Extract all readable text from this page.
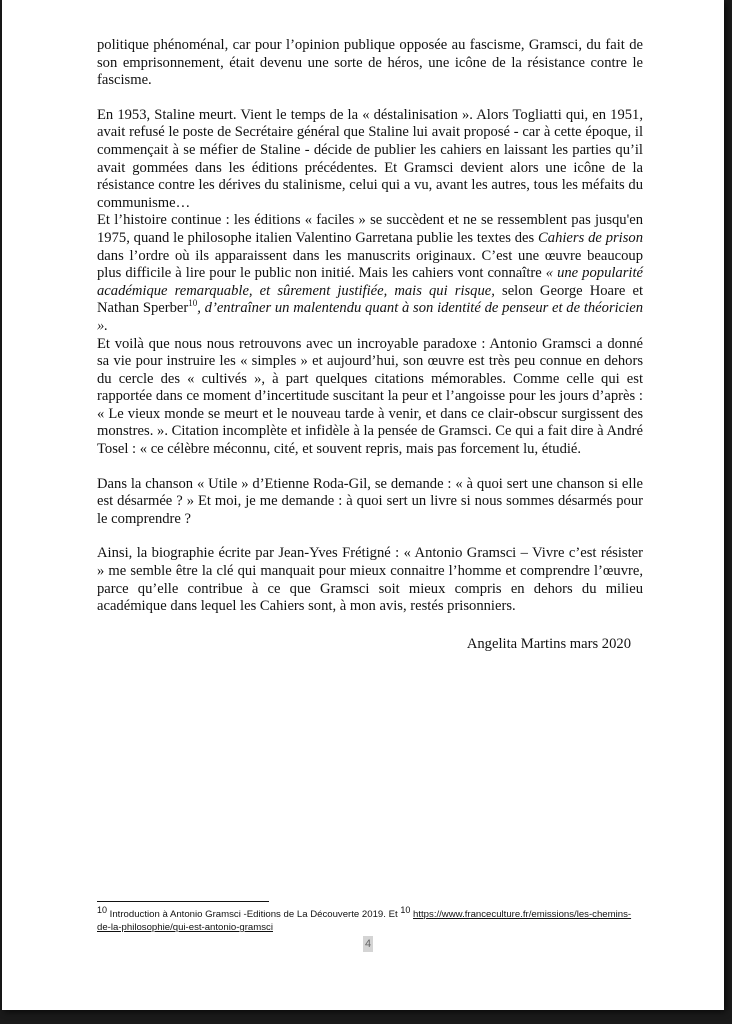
politique phénoménal, car pour l’opinion publique opposée au fascisme, Gramsci, du fait de son emprisonnement, était devenu une sorte de héros, une icône de la résistance contre le fascisme.

En 1953, Staline meurt. Vient le temps de la « déstalinisation ». Alors Togliatti qui, en 1951, avait refusé le poste de Secrétaire général que Staline lui avait proposé - car à cette époque, il commençait à se méfier de Staline - décide de publier les cahiers en laissant les parties qu’il avait gommées dans les éditions précédentes. Et Gramsci devient alors une icône de la résistance contre les dérives du stalinisme, celui qui a vu, avant les autres, tous les méfaits du communisme…

Et l’histoire continue : les éditions « faciles » se succèdent et ne se ressemblent pas jusqu'en 1975, quand le philosophe italien Valentino Garretana publie les textes des Cahiers de prison dans l’ordre où ils apparaissent dans les manuscrits originaux. C’est une œuvre beaucoup plus difficile à lire pour le public non initié. Mais les cahiers vont connaître « une popularité académique remarquable, et sûrement justifiée, mais qui risque, selon George Hoare et Nathan Sperber$^{10}$, d’entraîner un malentendu quant à son identité de penseur et de théoricien ».

Et voilà que nous nous retrouvons avec un incroyable paradoxe : Antonio Gramsci a donné sa vie pour instruire les « simples » et aujourd’hui, son œuvre est très peu connue en dehors du cercle des « cultivés », à part quelques citations mémorables. Comme celle qui est rapportée dans ce moment d’incertitude suscitant la peur et l’angoisse pour les jours d’après : « Le vieux monde se meurt et le nouveau tarde à venir, et dans ce clair-obscur surgissent des monstres. ». Citation incomplète et infidèle à la pensée de Gramsci. Ce qui a fait dire à André Tosel : « ce célèbre méconnu, cité, et souvent repris, mais pas forcement lu, étudié.

Dans la chanson « Utile » d’Etienne Roda-Gil, se demande : « à quoi sert une chanson si elle est désarmée ? » Et moi, je me demande : à quoi sert un livre si nous sommes désarmés pour le comprendre ?

Ainsi, la biographie écrite par Jean-Yves Frétigné : « Antonio Gramsci – Vivre c’est résister » me semble être la clé qui manquait pour mieux connaitre l’homme et comprendre l’œuvre, parce qu’elle contribue à ce que Gramsci soit mieux compris en dehors du milieu académique dans lequel les Cahiers sont, à mon avis, restés prisonniers.

Angelita Martins mars 2020

$^{10}$ Introduction à Antonio Gramsci -Editions de La Découverte 2019. Et $^{10}$ https://www.franceculture.fr/emissions/les-chemins-de-la-philosophie/qui-est-antonio-gramsci
4
